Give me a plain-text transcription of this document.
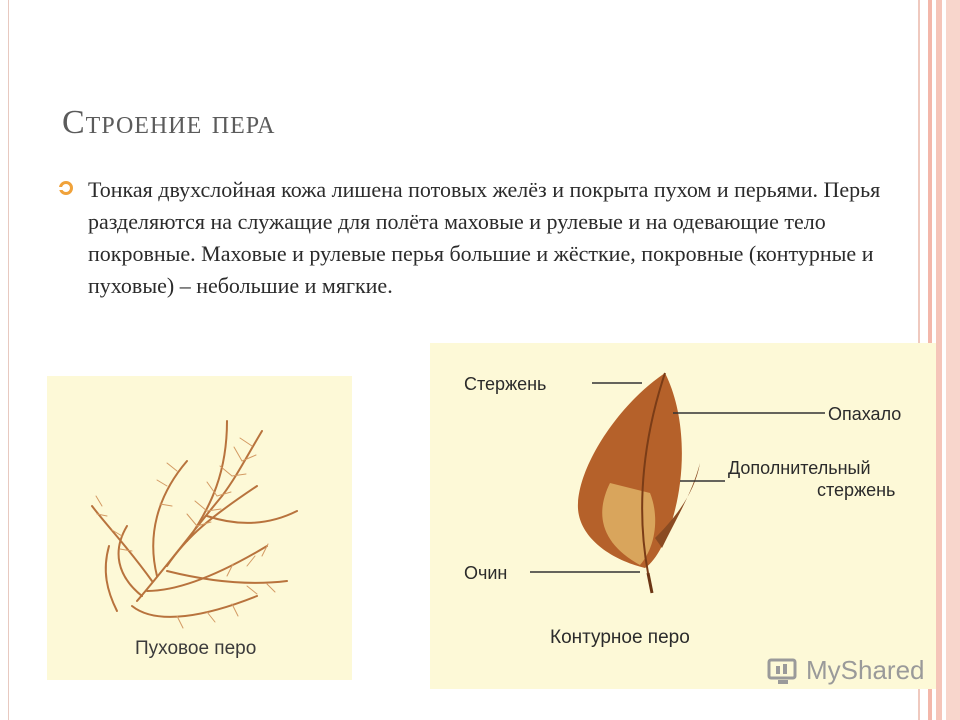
Строение пера
Тонкая двухслойная кожа лишена потовых желёз и покрыта пухом и перьями. Перья разделяются на служащие для полёта маховые и рулевые и на одевающие тело покровные. Маховые и рулевые перья большие и жёсткие, покровные (контурные и пуховые) – небольшие и мягкие.
Пуховое перо
Стержень
Опахало
Дополнительный
стержень
Очин
Контурное перо
MyShared
